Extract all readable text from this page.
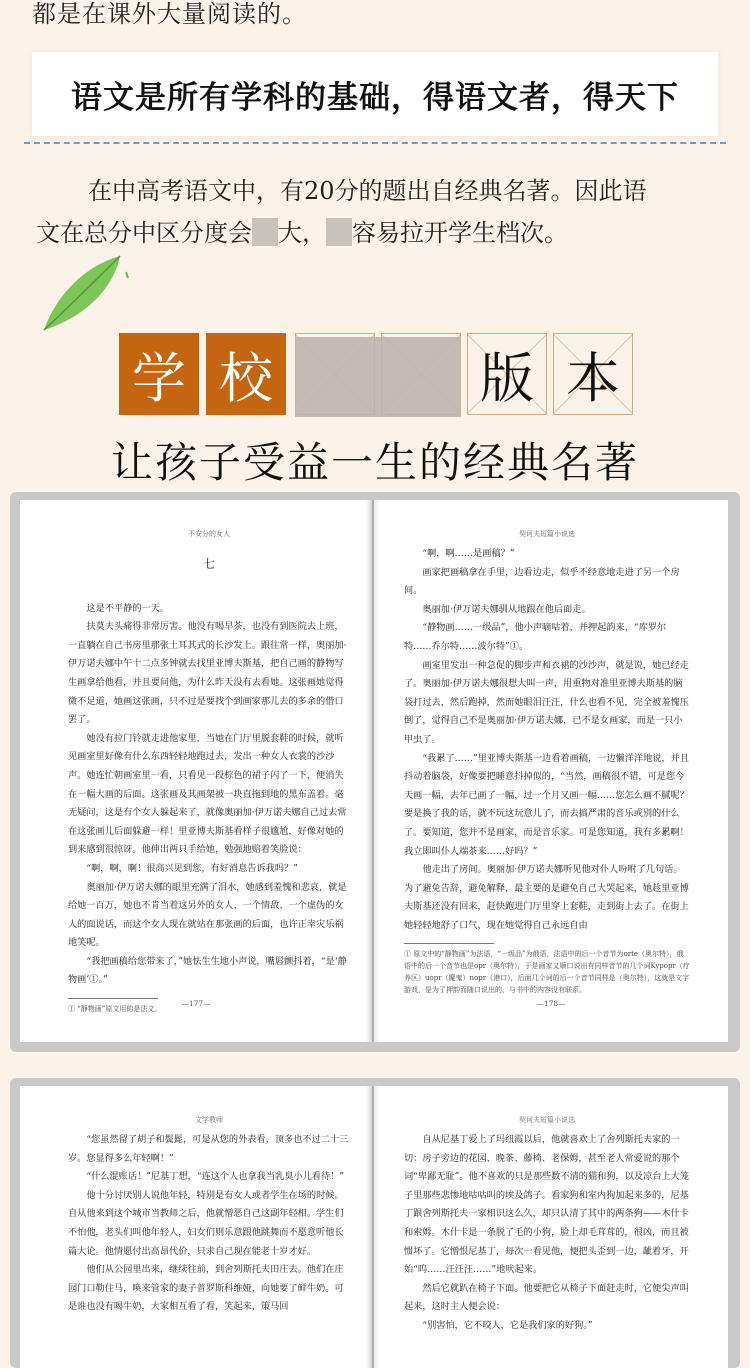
都是在课外大量阅读的。
语文是所有学科的基础，得语文者，得天下
在中高考语文中，有20分的题出自经典名著。因此语
文在总分中区分度会 大， 容易拉开学生档次。
学 校	版 本
让孩子受益一生的经典名著
不安分的女人
七

这是不平静的一天。

扶莫夫头痛得非常厉害。他没有喝早茶，也没有到医院去上班，一直躺在自己书房里那张土耳其式的长沙发上。跟往常一样，奥丽加·伊万诺夫娜中午十二点多钟就去找里亚博夫斯基，把自己画的静物写生画拿给他看，并且要问他，为什么昨天没有去看她。这张画她觉得微不足道，她画这张画，只不过是要找个到画家那儿去的多余的借口罢了。

她没有拉门铃就走进他家里，当她在门厅里脱套鞋的时候，就听见画室里好像有什么东西轻轻地跑过去，发出一种女人衣裳的沙沙声。她连忙朝画室里一看，只看见一段棕色的裙子闪了一下，便消失在一幅大画的后面。这张画及其画架被一块直拖到地的黑布盖着。毫无疑问，这是有个女人躲起来了，就像奥丽加·伊万诺夫娜自己过去常在这张画儿后面躲避一样！里亚博夫斯基看样子很尴尬，好像对她的到来感到很惊讶。他伸出两只手给她，勉强地赔着笑脸说：

“啊，啊，啊！很高兴见到您，有好消息告诉我吗？”

奥丽加·伊万诺夫娜的眼里充满了泪水，她感到羞愧和悲哀，就是给她一百万，她也不肯当着这另外的女人、一个情敌、一个虚伪的女人的面说话，而这个女人现在就站在那张画的后面，也许正幸灾乐祸地笑呢。

“我把画稿给您带来了，”她怯生生地小声说，嘴唇颤抖着，“是‘静物画’①。”

① “静物画”原文用的是法文。

—177—
契诃夫短篇小说选

“啊，啊……是画稿？”

画家把画稿拿在手里，边看边走，似乎不经意地走进了另一个房间。

奥丽加·伊万诺夫娜驯从地跟在他后面走。

“静物画……一级品”，他小声嘀咕着，并押起韵来，“库罗尔特……乔尔特……波尔特”①。

画室里发出一种急促的脚步声和衣裙的沙沙声，就是说，她已经走了。奥丽加·伊万诺夫娜很想大叫一声，用重物对准里亚博夫斯基的脑袋打过去，然后跑掉，然而她眼泪汪汪，什么也看不见，完全被羞愧压倒了，觉得自己不是奥丽加·伊万诺夫娜，已不是女画家，而是一只小甲虫了。

“我累了……”里亚博夫斯基一边看着画稿，一边懒洋洋地说，并且抖动着脑袋，好像要把睡意抖掉似的，“当然，画稿很不错，可是您今天画一幅，去年已画了一幅，过一个月又画一幅……您怎么画不腻呢？要是换了我的话，就不玩这玩意儿了，而去搞严肃的音乐或别的什么了。要知道，您并不是画家，而是音乐家。可是您知道，我有多累啊！我立即叫仆人端茶来……好吗？”

他走出了房间。奥丽加·伊万诺夫娜听见他对仆人吩咐了几句话。为了避免告辞，避免解释，最主要的是避免自己大哭起来，她趁里亚博夫斯基还没有回来，赶快跑进门厅里穿上套鞋，走到街上去了。在街上她轻轻地舒了口气，现在她觉得自己永远自由

① 原文中的“静物画”为法语，“一级品”为俄语，法语中的后一个音节为orte（奥尔特），俄语中的后一个音节也是opr（奥尔特），于是画家又顺口说出有同样音节的几个词Kypopr（疗养区）uopr（魔鬼）nopr（港口），后面几个词的后一个音节同样是（奥尔特），这就是文字游戏，是为了押韵而随口说出的，与书中的内容没有联系。

—178—
文学教师

“您虽然留了胡子和鬓髭，可是从您的外表看，顶多也不过二十三岁。您显得多么年轻啊！”

“什么混账话！”尼基丁想，“连这个人也拿我当乳臭小儿看待！”

他十分讨厌别人说他年轻，特别是有女人或者学生在场的时候。自从他来到这个城市当教师之后，他就憎恶自己这副年轻相。学生们不怕他，老头们叫他年轻人，妇女们则乐意跟他跳舞而不愿意听他长篇大论。他情愿付出高昂代价，只求自己现在能老十岁才好。

他们从公园里出来，继续往前，到舍列斯托夫田庄去。他们在庄园门口勒住马，唤来管家的妻子普罗斯科维娅，向她要了鲜牛奶。可是谁也没有喝牛奶，大家相互看了看，笑起来，策马回

契诃夫短篇小说选

自从尼基丁爱上了玛纽霞以后，他就喜欢上了舍列斯托夫家的一切：房子旁边的花园、晚茶、藤椅、老保姆，甚至老人常爱说的那个词“卑鄙无耻”。他不喜欢的只是那些数不清的猫和狗，以及凉台上大笼子里那些悲惨地咕咕叫的埃及鸽子。看家狗和室内狗加起来多的，尼基丁跟舍列斯托夫一家相识这么久，却只认清了其中的两条狗——木什卡和索姆。木什卡是一条脱了毛的小狗，脸上却毛茸茸的，很凶，而且被惯坏了。它憎恨尼基丁，每次一看见他，便把头歪到一边，龇着牙，开始“呜……汪汪汪……”地吠起来。

然后它就趴在椅子下面。他要把它从椅子下面赶走时，它便尖声叫起来，这时主人便会说：

“别害怕，它不咬人，它是我们家的好狗。”
